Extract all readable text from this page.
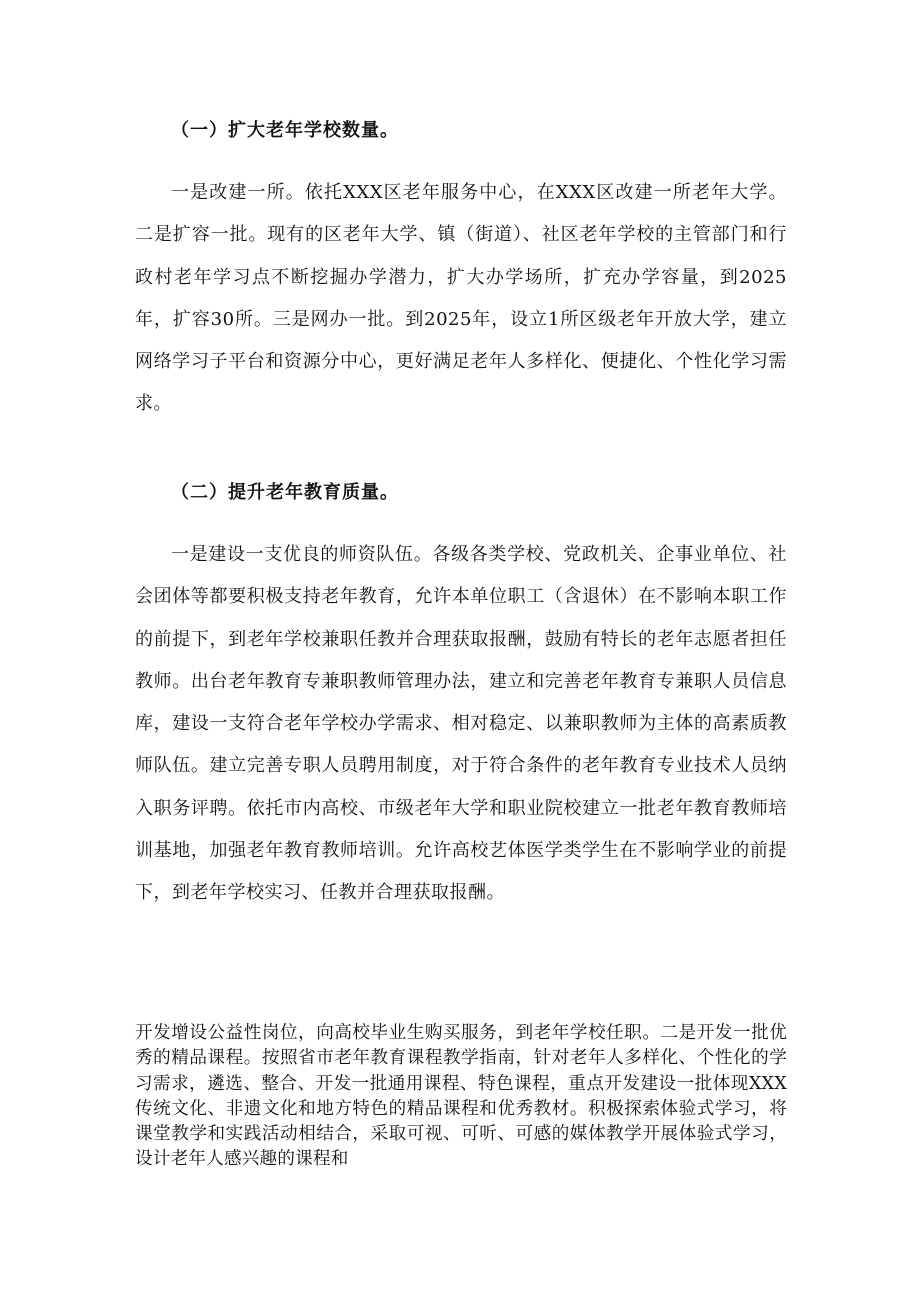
（一）扩大老年学校数量。

一是改建一所。依托XXX区老年服务中心，在XXX区改建一所老年大学。二是扩容一批。现有的区老年大学、镇（街道）、社区老年学校的主管部门和行政村老年学习点不断挖掘办学潜力，扩大办学场所，扩充办学容量，到2025年，扩容30所。三是网办一批。到2025年，设立1所区级老年开放大学，建立网络学习子平台和资源分中心，更好满足老年人多样化、便捷化、个性化学习需求。

（二）提升老年教育质量。

一是建设一支优良的师资队伍。各级各类学校、党政机关、企事业单位、社会团体等都要积极支持老年教育，允许本单位职工（含退休）在不影响本职工作的前提下，到老年学校兼职任教并合理获取报酬，鼓励有特长的老年志愿者担任教师。出台老年教育专兼职教师管理办法，建立和完善老年教育专兼职人员信息库，建设一支符合老年学校办学需求、相对稳定、以兼职教师为主体的高素质教师队伍。建立完善专职人员聘用制度，对于符合条件的老年教育专业技术人员纳入职务评聘。依托市内高校、市级老年大学和职业院校建立一批老年教育教师培训基地，加强老年教育教师培训。允许高校艺体医学类学生在不影响学业的前提下，到老年学校实习、任教并合理获取报酬。

开发增设公益性岗位，向高校毕业生购买服务，到老年学校任职。二是开发一批优秀的精品课程。按照省市老年教育课程教学指南，针对老年人多样化、个性化的学习需求，遴选、整合、开发一批通用课程、特色课程，重点开发建设一批体现XXX传统文化、非遗文化和地方特色的精品课程和优秀教材。积极探索体验式学习，将课堂教学和实践活动相结合，采取可视、可听、可感的媒体教学开展体验式学习，设计老年人感兴趣的课程和
